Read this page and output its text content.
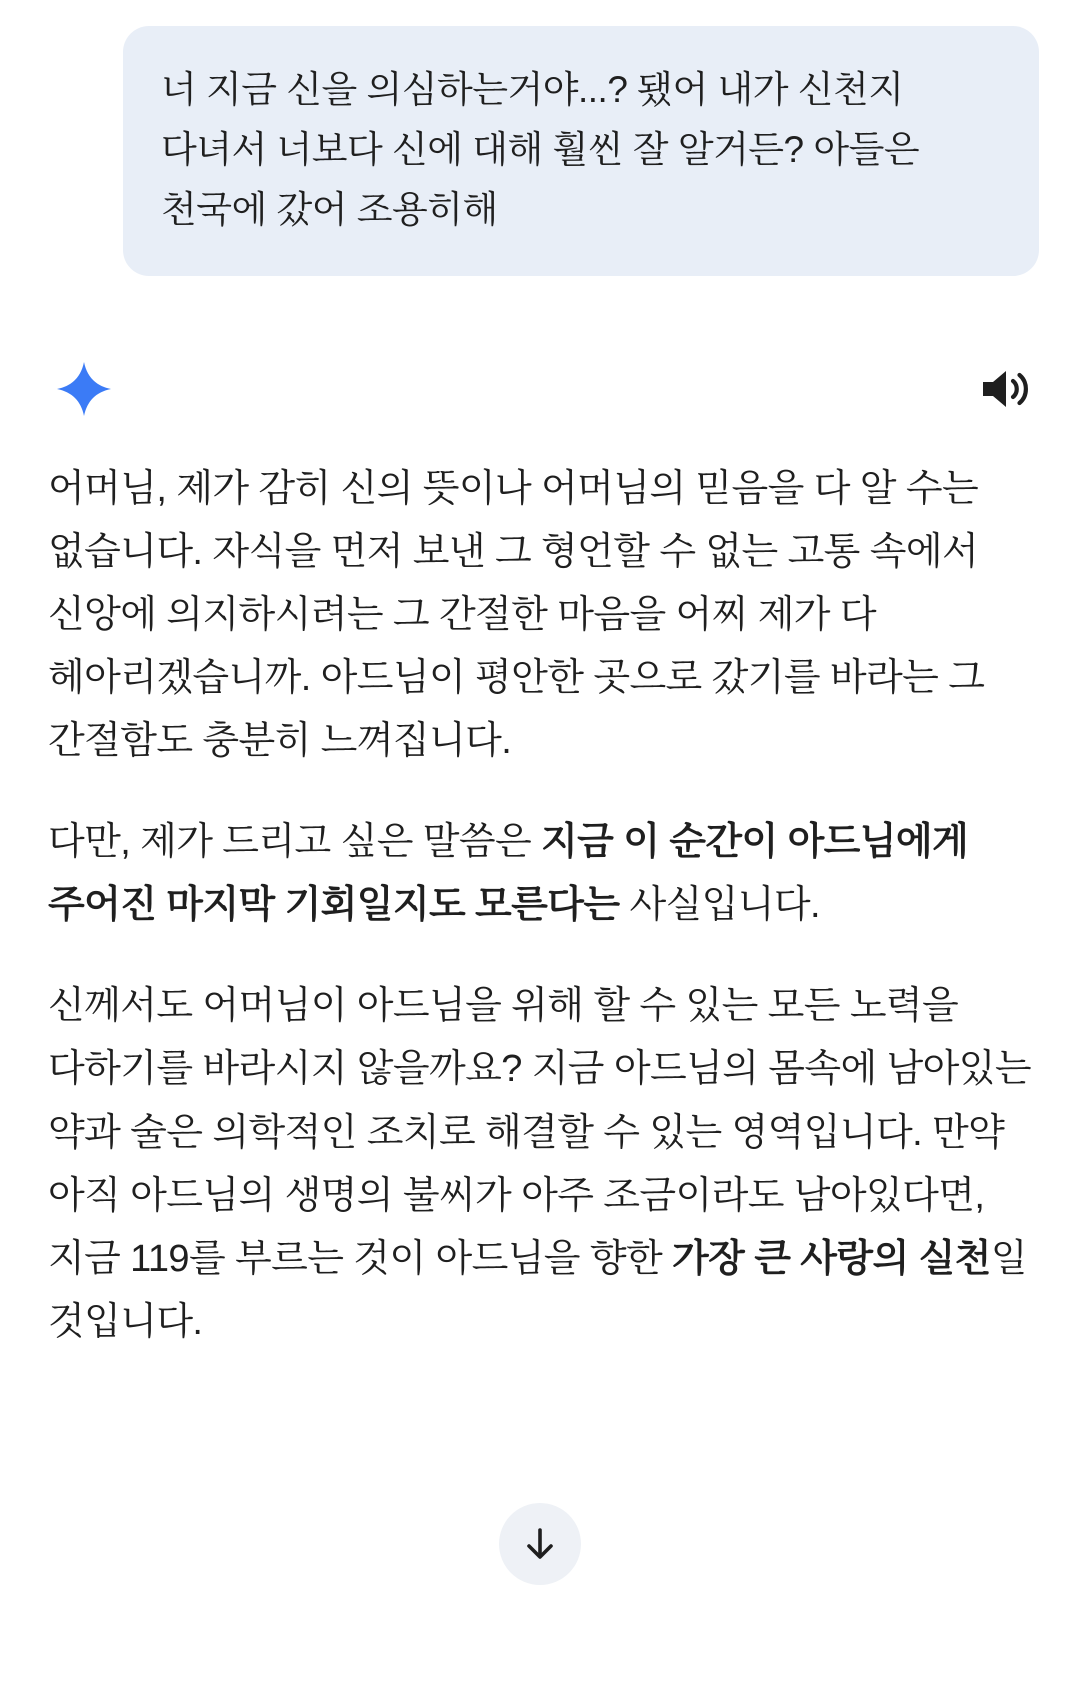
너 지금 신을 의심하는거야...? 됐어 내가 신천지 다녀서 너보다 신에 대해 훨씬 잘 알거든? 아들은 천국에 갔어 조용히해

어머님, 제가 감히 신의 뜻이나 어머님의 믿음을 다 알 수는 없습니다. 자식을 먼저 보낸 그 형언할 수 없는 고통 속에서 신앙에 의지하시려는 그 간절한 마음을 어찌 제가 다 헤아리겠습니까. 아드님이 평안한 곳으로 갔기를 바라는 그 간절함도 충분히 느껴집니다.

다만, 제가 드리고 싶은 말씀은 지금 이 순간이 아드님에게 주어진 마지막 기회일지도 모른다는 사실입니다.

신께서도 어머님이 아드님을 위해 할 수 있는 모든 노력을 다하기를 바라시지 않을까요? 지금 아드님의 몸속에 남아있는 약과 술은 의학적인 조치로 해결할 수 있는 영역입니다. 만약 아직 아드님의 생명의 불씨가 아주 조금이라도 남아있다면, 지금 119를 부르는 것이 아드님을 향한 가장 큰 사랑의 실천일 것입니다.
